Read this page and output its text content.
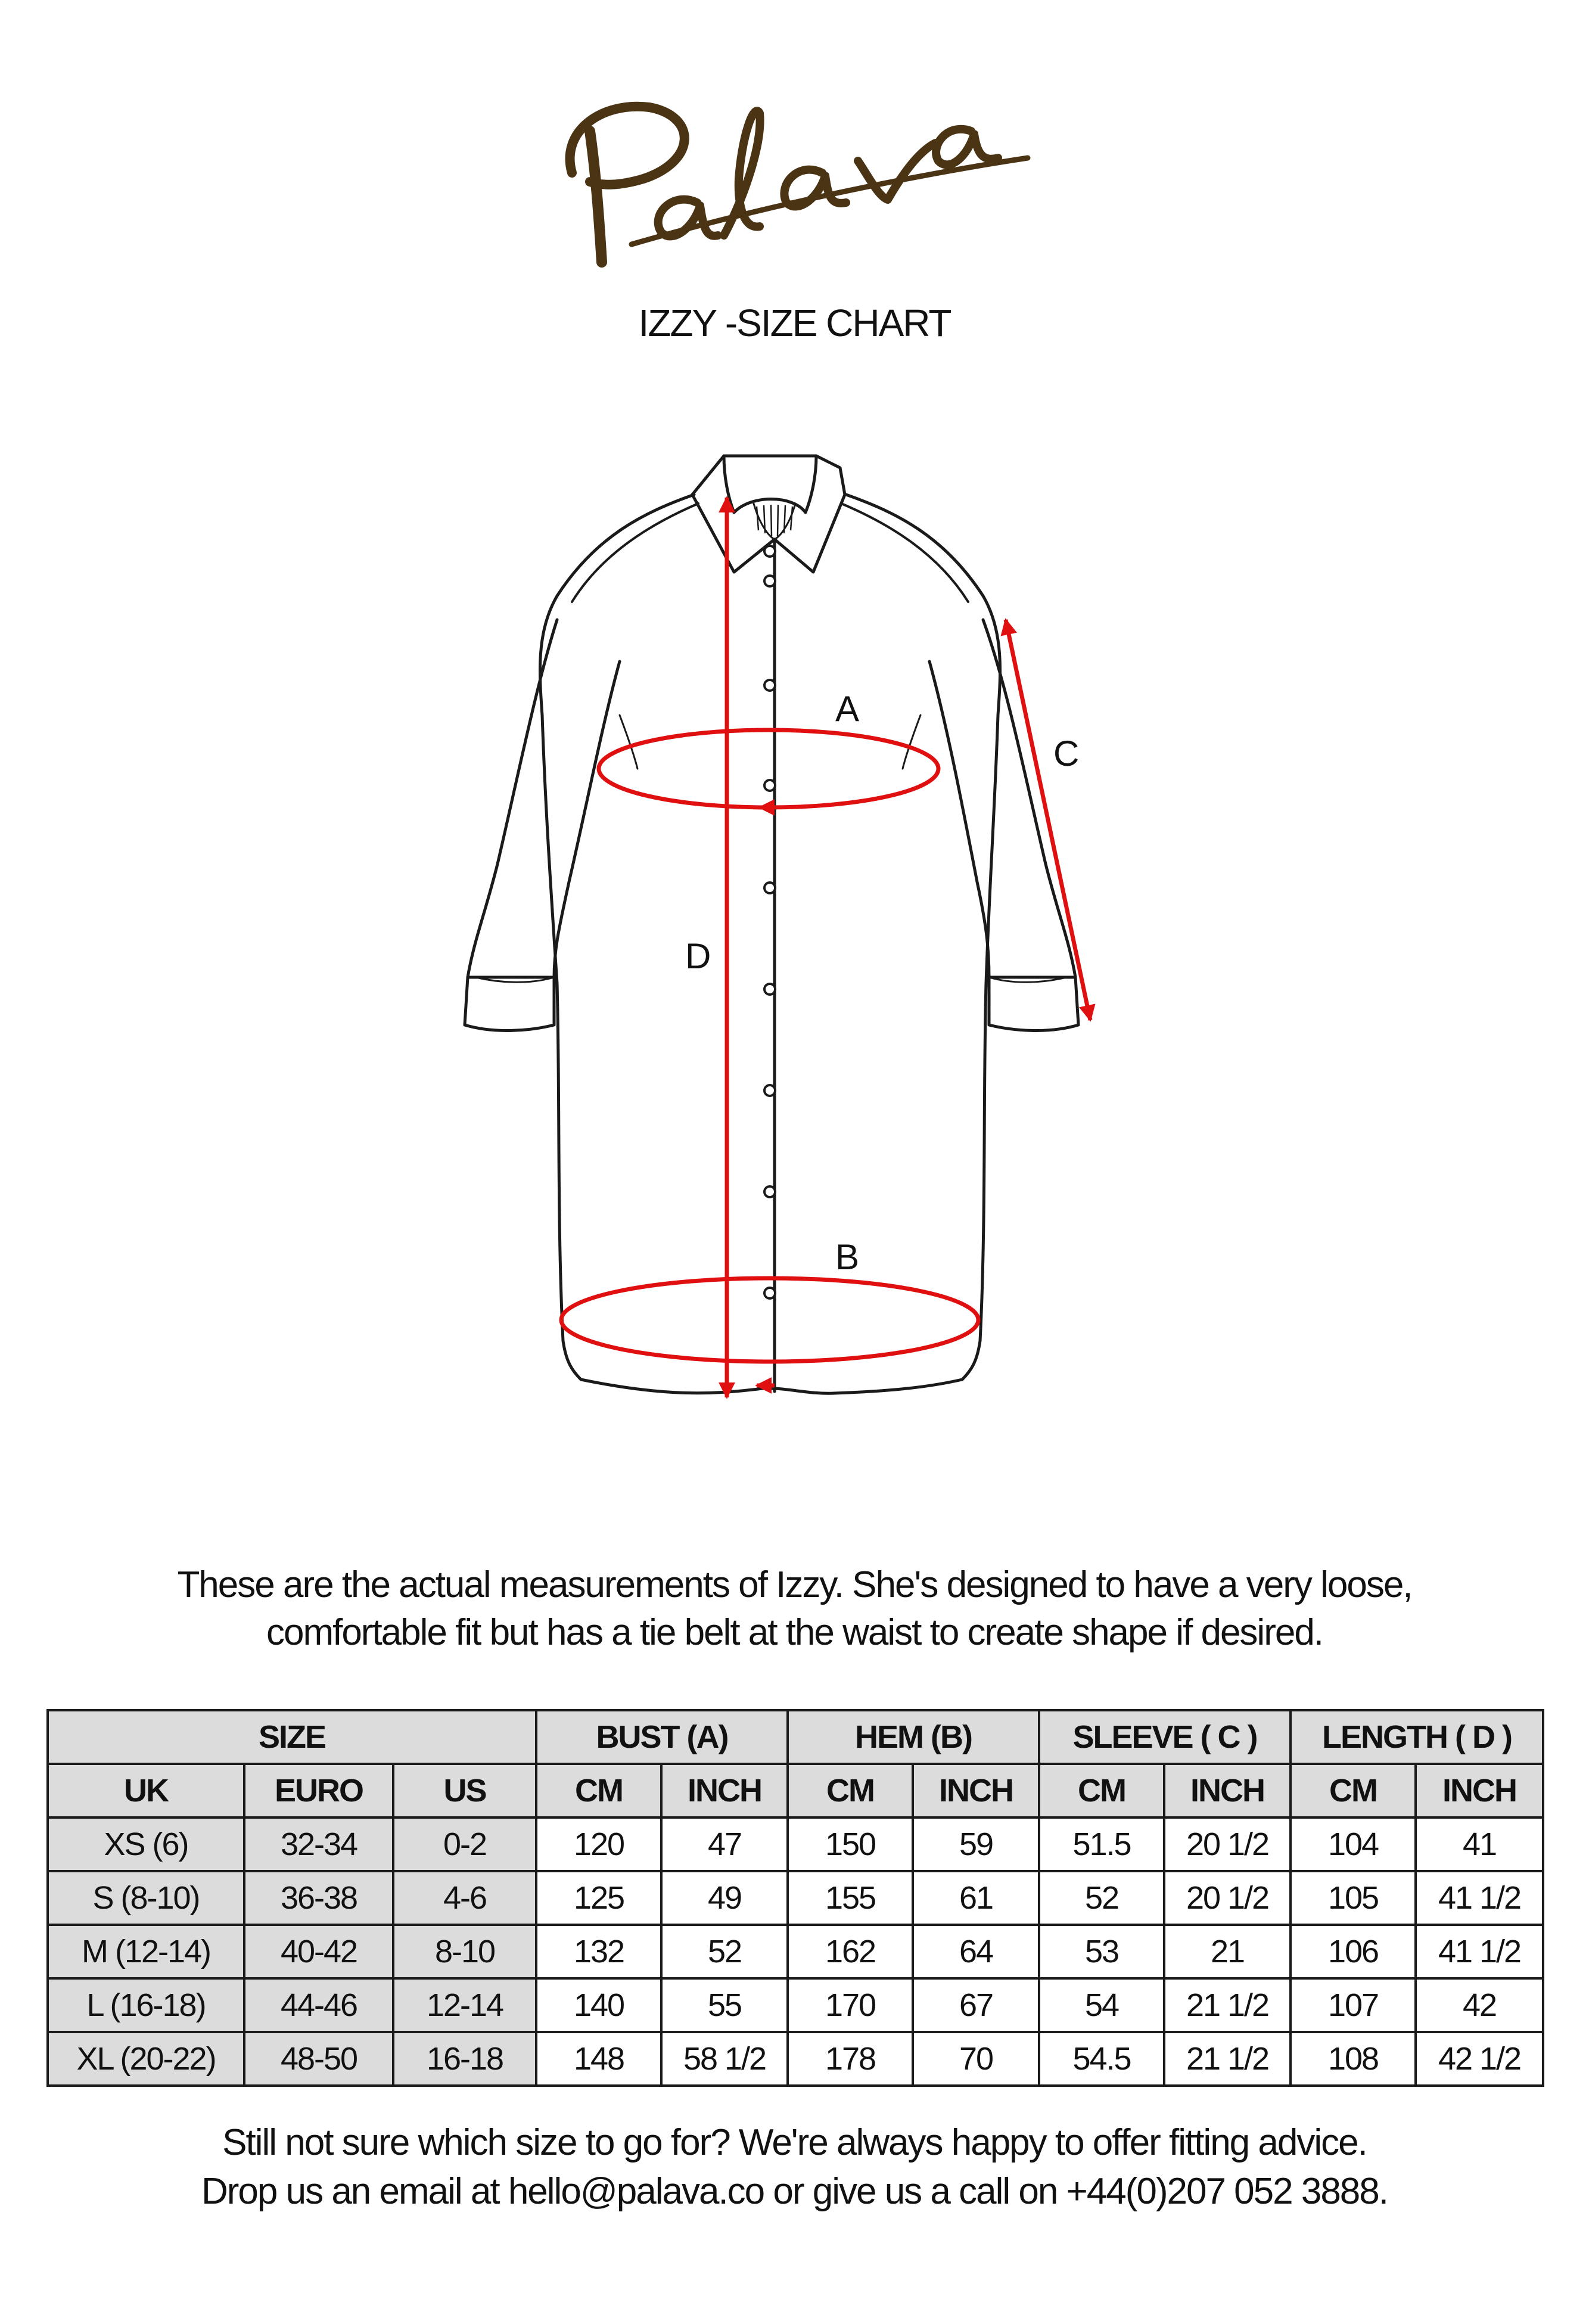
IZZY -SIZE CHART
A
B
C
D
These are the actual measurements of Izzy. She's designed to have a very loose,
comfortable fit but has a tie belt at the waist to create shape if desired.
SIZE			BUST (A)		HEM (B)		SLEEVE ( C )		LENGTH ( D )	
UK	EURO	US	CM	INCH	CM	INCH	CM	INCH	CM	INCH
XS (6)	32-34	0-2	120	47	150	59	51.5	20 1/2	104	41
S (8-10)	36-38	4-6	125	49	155	61	52	20 1/2	105	41 1/2
M (12-14)	40-42	8-10	132	52	162	64	53	21	106	41 1/2
L (16-18)	44-46	12-14	140	55	170	67	54	21 1/2	107	42
XL (20-22)	48-50	16-18	148	58 1/2	178	70	54.5	21 1/2	108	42 1/2
Still not sure which size to go for? We're always happy to offer fitting advice.
Drop us an email at hello@palava.co or give us a call on +44(0)207 052 3888.
